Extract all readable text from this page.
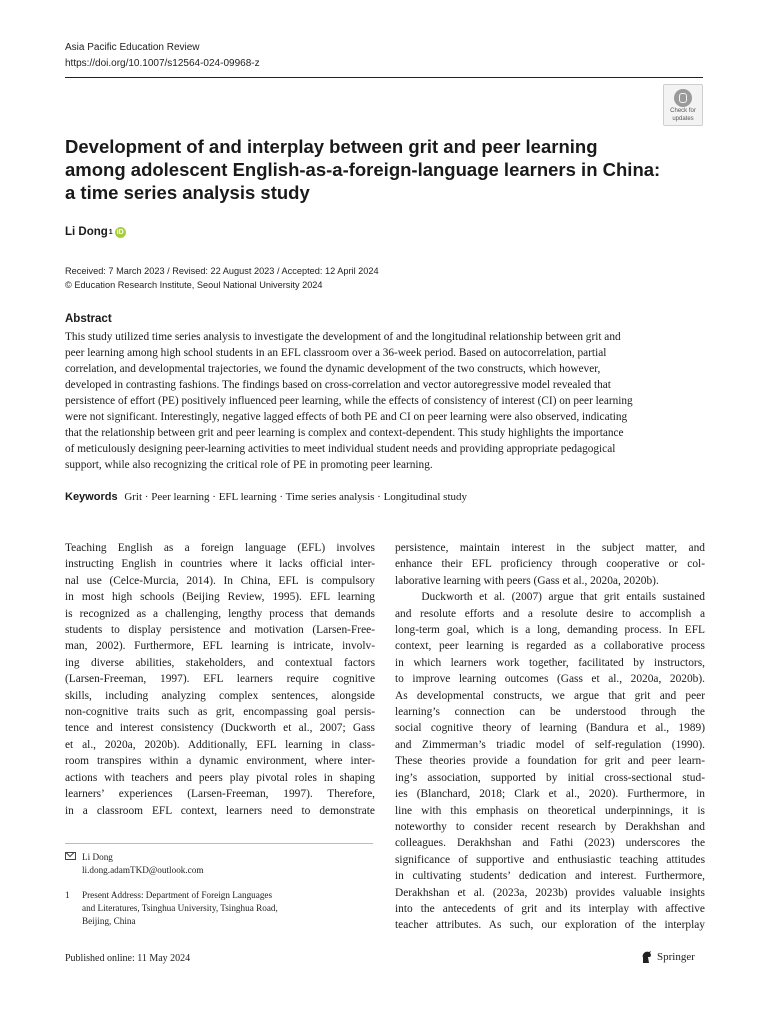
Asia Pacific Education Review
https://doi.org/10.1007/s12564-024-09968-z
Check for
updates
Development of and interplay between grit and peer learning
among adolescent English-as-a-foreign-language learners in China:
a time series analysis study
Li Dong 1 iD
Received: 7 March 2023 / Revised: 22 August 2023 / Accepted: 12 April 2024
© Education Research Institute, Seoul National University 2024
Abstract
This study utilized time series analysis to investigate the development of and the longitudinal relationship between grit and
peer learning among high school students in an EFL classroom over a 36-week period. Based on autocorrelation, partial
correlation, and developmental trajectories, we found the dynamic development of the two constructs, which however,
developed in contrasting fashions. The findings based on cross-correlation and vector autoregressive model revealed that
persistence of effort (PE) positively influenced peer learning, while the effects of consistency of interest (CI) on peer learning
were not significant. Interestingly, negative lagged effects of both PE and CI on peer learning were also observed, indicating
that the relationship between grit and peer learning is complex and context-dependent. This study highlights the importance
of meticulously designing peer-learning activities to meet individual student needs and providing appropriate pedagogical
support, while also recognizing the critical role of PE in promoting peer learning.
Keywords Grit · Peer learning · EFL learning · Time series analysis · Longitudinal study
Teaching English as a foreign language (EFL) involves
instructing English in countries where it lacks official inter-
nal use (Celce-Murcia, 2014). In China, EFL is compulsory
in most high schools (Beijing Review, 1995). EFL learning
is recognized as a challenging, lengthy process that demands
students to display persistence and motivation (Larsen-Free-
man, 2002). Furthermore, EFL learning is intricate, involv-
ing diverse abilities, stakeholders, and contextual factors
(Larsen-Freeman, 1997). EFL learners require cognitive
skills, including analyzing complex sentences, alongside
non-cognitive traits such as grit, encompassing goal persis-
tence and interest consistency (Duckworth et al., 2007; Gass
et al., 2020a, 2020b). Additionally, EFL learning in class-
room transpires within a dynamic environment, where inter-
actions with teachers and peers play pivotal roles in shaping
learners’ experiences (Larsen-Freeman, 1997). Therefore,
in a classroom EFL context, learners need to demonstrate
persistence, maintain interest in the subject matter, and
enhance their EFL proficiency through cooperative or col-
laborative learning with peers (Gass et al., 2020a, 2020b).
Duckworth et al. (2007) argue that grit entails sustained
and resolute efforts and a resolute desire to accomplish a
long-term goal, which is a long, demanding process. In EFL
context, peer learning is regarded as a collaborative process
in which learners work together, facilitated by instructors,
to improve learning outcomes (Gass et al., 2020a, 2020b).
As developmental constructs, we argue that grit and peer
learning’s connection can be understood through the
social cognitive theory of learning (Bandura et al., 1989)
and Zimmerman’s triadic model of self-regulation (1990).
These theories provide a foundation for grit and peer learn-
ing’s association, supported by initial cross-sectional stud-
ies (Blanchard, 2018; Clark et al., 2020). Furthermore, in
line with this emphasis on theoretical underpinnings, it is
noteworthy to consider recent research by Derakhshan and
colleagues. Derakhshan and Fathi (2023) underscores the
significance of supportive and enthusiastic teaching attitudes
in cultivating students’ dedication and interest. Furthermore,
Derakhshan et al. (2023a, 2023b) provides valuable insights
into the antecedents of grit and its interplay with affective
teacher attributes. As such, our exploration of the interplay
Li Dong
li.dong.adamTKD@outlook.com
1 Present Address: Department of Foreign Languages
and Literatures, Tsinghua University, Tsinghua Road,
Beijing, China
Published online: 11 May 2024	Springer
